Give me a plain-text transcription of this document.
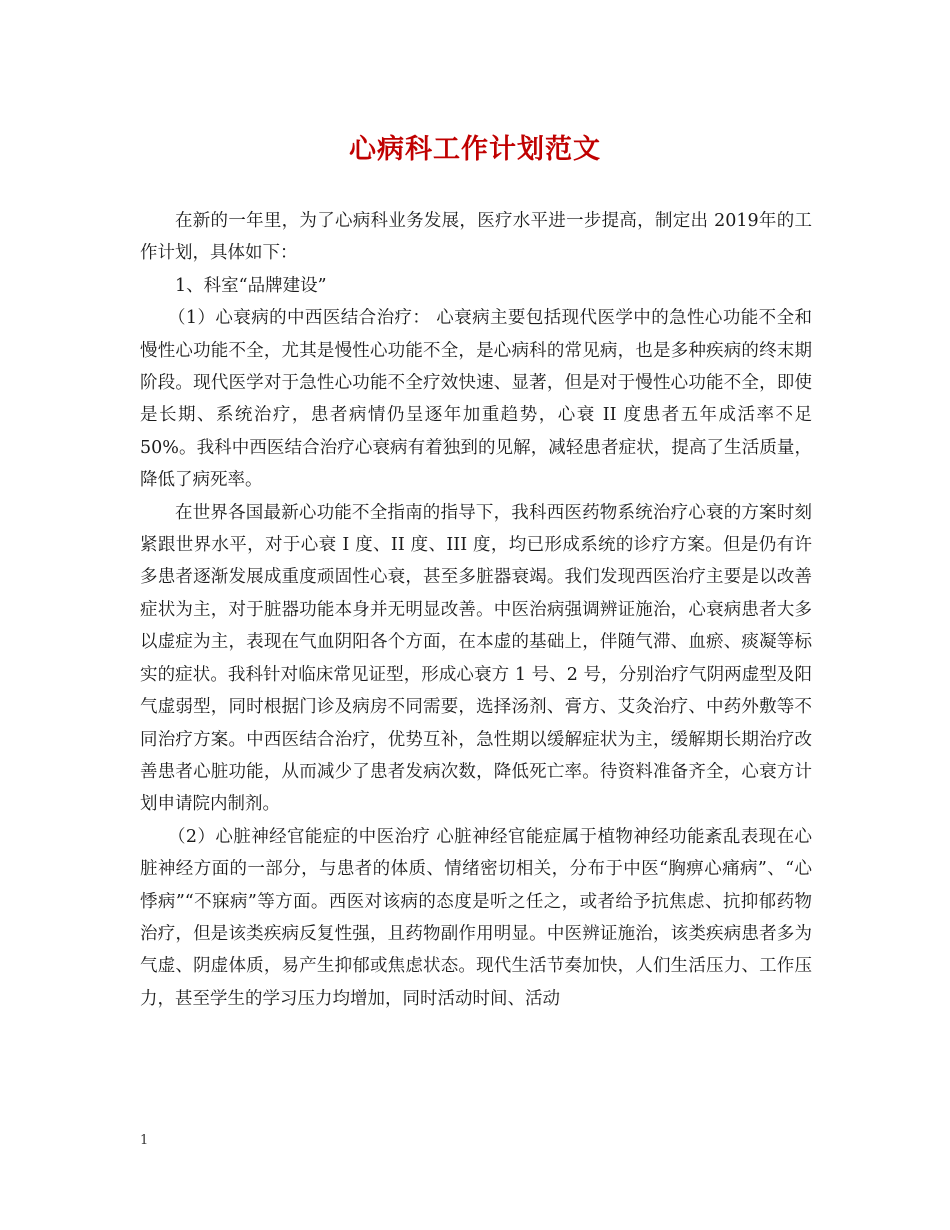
心病科工作计划范文

在新的一年里，为了心病科业务发展，医疗水平进一步提高，制定出 2019年的工作计划，具体如下：

1、科室“品牌建设”

（1）心衰病的中西医结合治疗： 心衰病主要包括现代医学中的急性心功能不全和慢性心功能不全，尤其是慢性心功能不全，是心病科的常见病，也是多种疾病的终末期阶段。现代医学对于急性心功能不全疗效快速、显著，但是对于慢性心功能不全，即使是长期、系统治疗，患者病情仍呈逐年加重趋势，心衰 II 度患者五年成活率不足 50%。我科中西医结合治疗心衰病有着独到的见解，减轻患者症状，提高了生活质量，降低了病死率。

在世界各国最新心功能不全指南的指导下，我科西医药物系统治疗心衰的方案时刻紧跟世界水平，对于心衰 I 度、II 度、III 度，均已形成系统的诊疗方案。但是仍有许多患者逐渐发展成重度顽固性心衰，甚至多脏器衰竭。我们发现西医治疗主要是以改善症状为主，对于脏器功能本身并无明显改善。中医治病强调辨证施治，心衰病患者大多以虚症为主，表现在气血阴阳各个方面，在本虚的基础上，伴随气滞、血瘀、痰凝等标实的症状。我科针对临床常见证型，形成心衰方 1 号、2 号，分别治疗气阴两虚型及阳气虚弱型，同时根据门诊及病房不同需要，选择汤剂、膏方、艾灸治疗、中药外敷等不同治疗方案。中西医结合治疗，优势互补，急性期以缓解症状为主，缓解期长期治疗改善患者心脏功能，从而减少了患者发病次数，降低死亡率。待资料准备齐全，心衰方计划申请院内制剂。

（2）心脏神经官能症的中医治疗 心脏神经官能症属于植物神经功能紊乱表现在心脏神经方面的一部分，与患者的体质、情绪密切相关，分布于中医“胸痹心痛病”、“心悸病”“不寐病”等方面。西医对该病的态度是听之任之，或者给予抗焦虑、抗抑郁药物治疗，但是该类疾病反复性强，且药物副作用明显。中医辨证施治，该类疾病患者多为气虚、阴虚体质，易产生抑郁或焦虑状态。现代生活节奏加快，人们生活压力、工作压力，甚至学生的学习压力均增加，同时活动时间、活动

1
